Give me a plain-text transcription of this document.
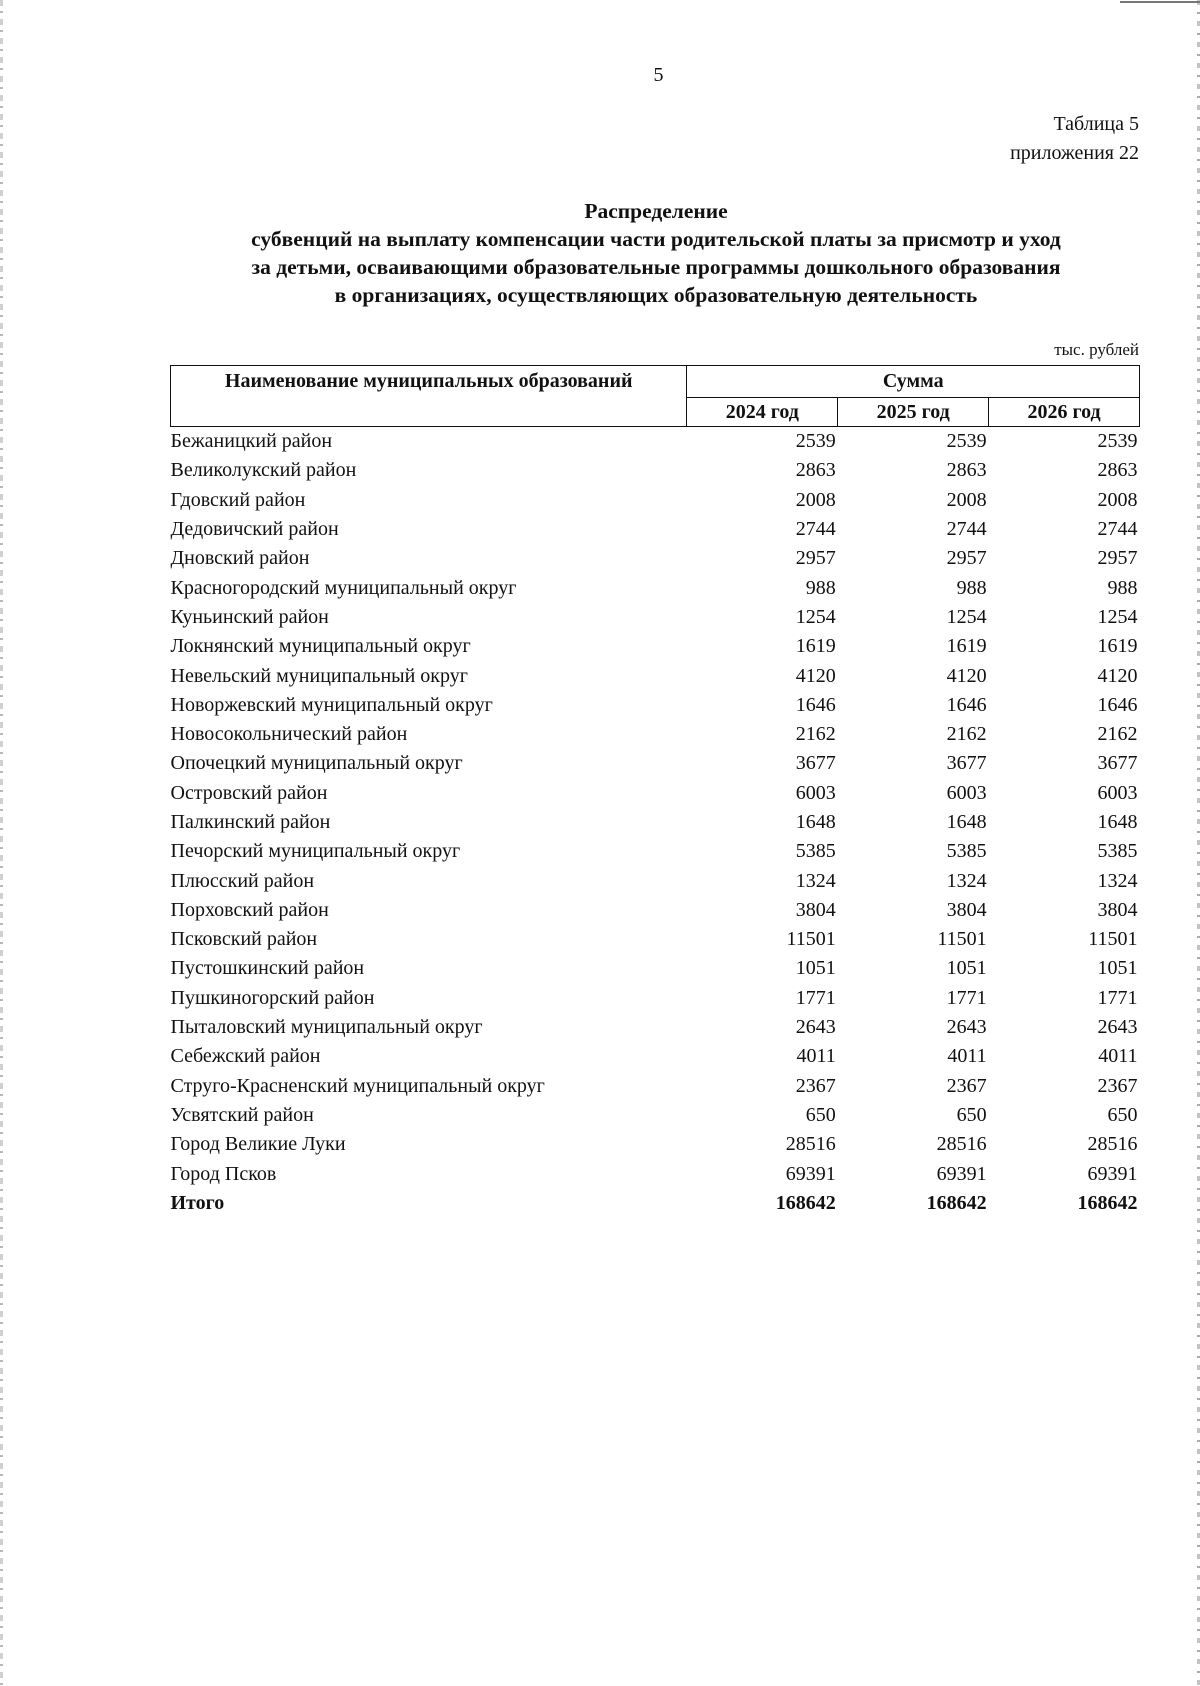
5
Таблица 5
приложения 22
Распределение
субвенций на выплату компенсации части родительской платы за присмотр и уход
за детьми, осваивающими образовательные программы дошкольного образования
в организациях, осуществляющих образовательную деятельность
тыс. рублей
Наименование муниципальных образований	Сумма		
	2024 год	2025 год	2026 год
Бежаницкий район	2539	2539	2539
Великолукский район	2863	2863	2863
Гдовский район	2008	2008	2008
Дедовичский район	2744	2744	2744
Дновский район	2957	2957	2957
Красногородский муниципальный округ	988	988	988
Куньинский район	1254	1254	1254
Локнянский муниципальный округ	1619	1619	1619
Невельский муниципальный округ	4120	4120	4120
Новоржевский муниципальный округ	1646	1646	1646
Новосокольнический район	2162	2162	2162
Опочецкий муниципальный округ	3677	3677	3677
Островский район	6003	6003	6003
Палкинский район	1648	1648	1648
Печорский муниципальный округ	5385	5385	5385
Плюсский район	1324	1324	1324
Порховский район	3804	3804	3804
Псковский район	11501	11501	11501
Пустошкинский район	1051	1051	1051
Пушкиногорский район	1771	1771	1771
Пыталовский муниципальный округ	2643	2643	2643
Себежский район	4011	4011	4011
Струго-Красненский муниципальный округ	2367	2367	2367
Усвятский район	650	650	650
Город Великие Луки	28516	28516	28516
Город Псков	69391	69391	69391
Итого	168642	168642	168642
